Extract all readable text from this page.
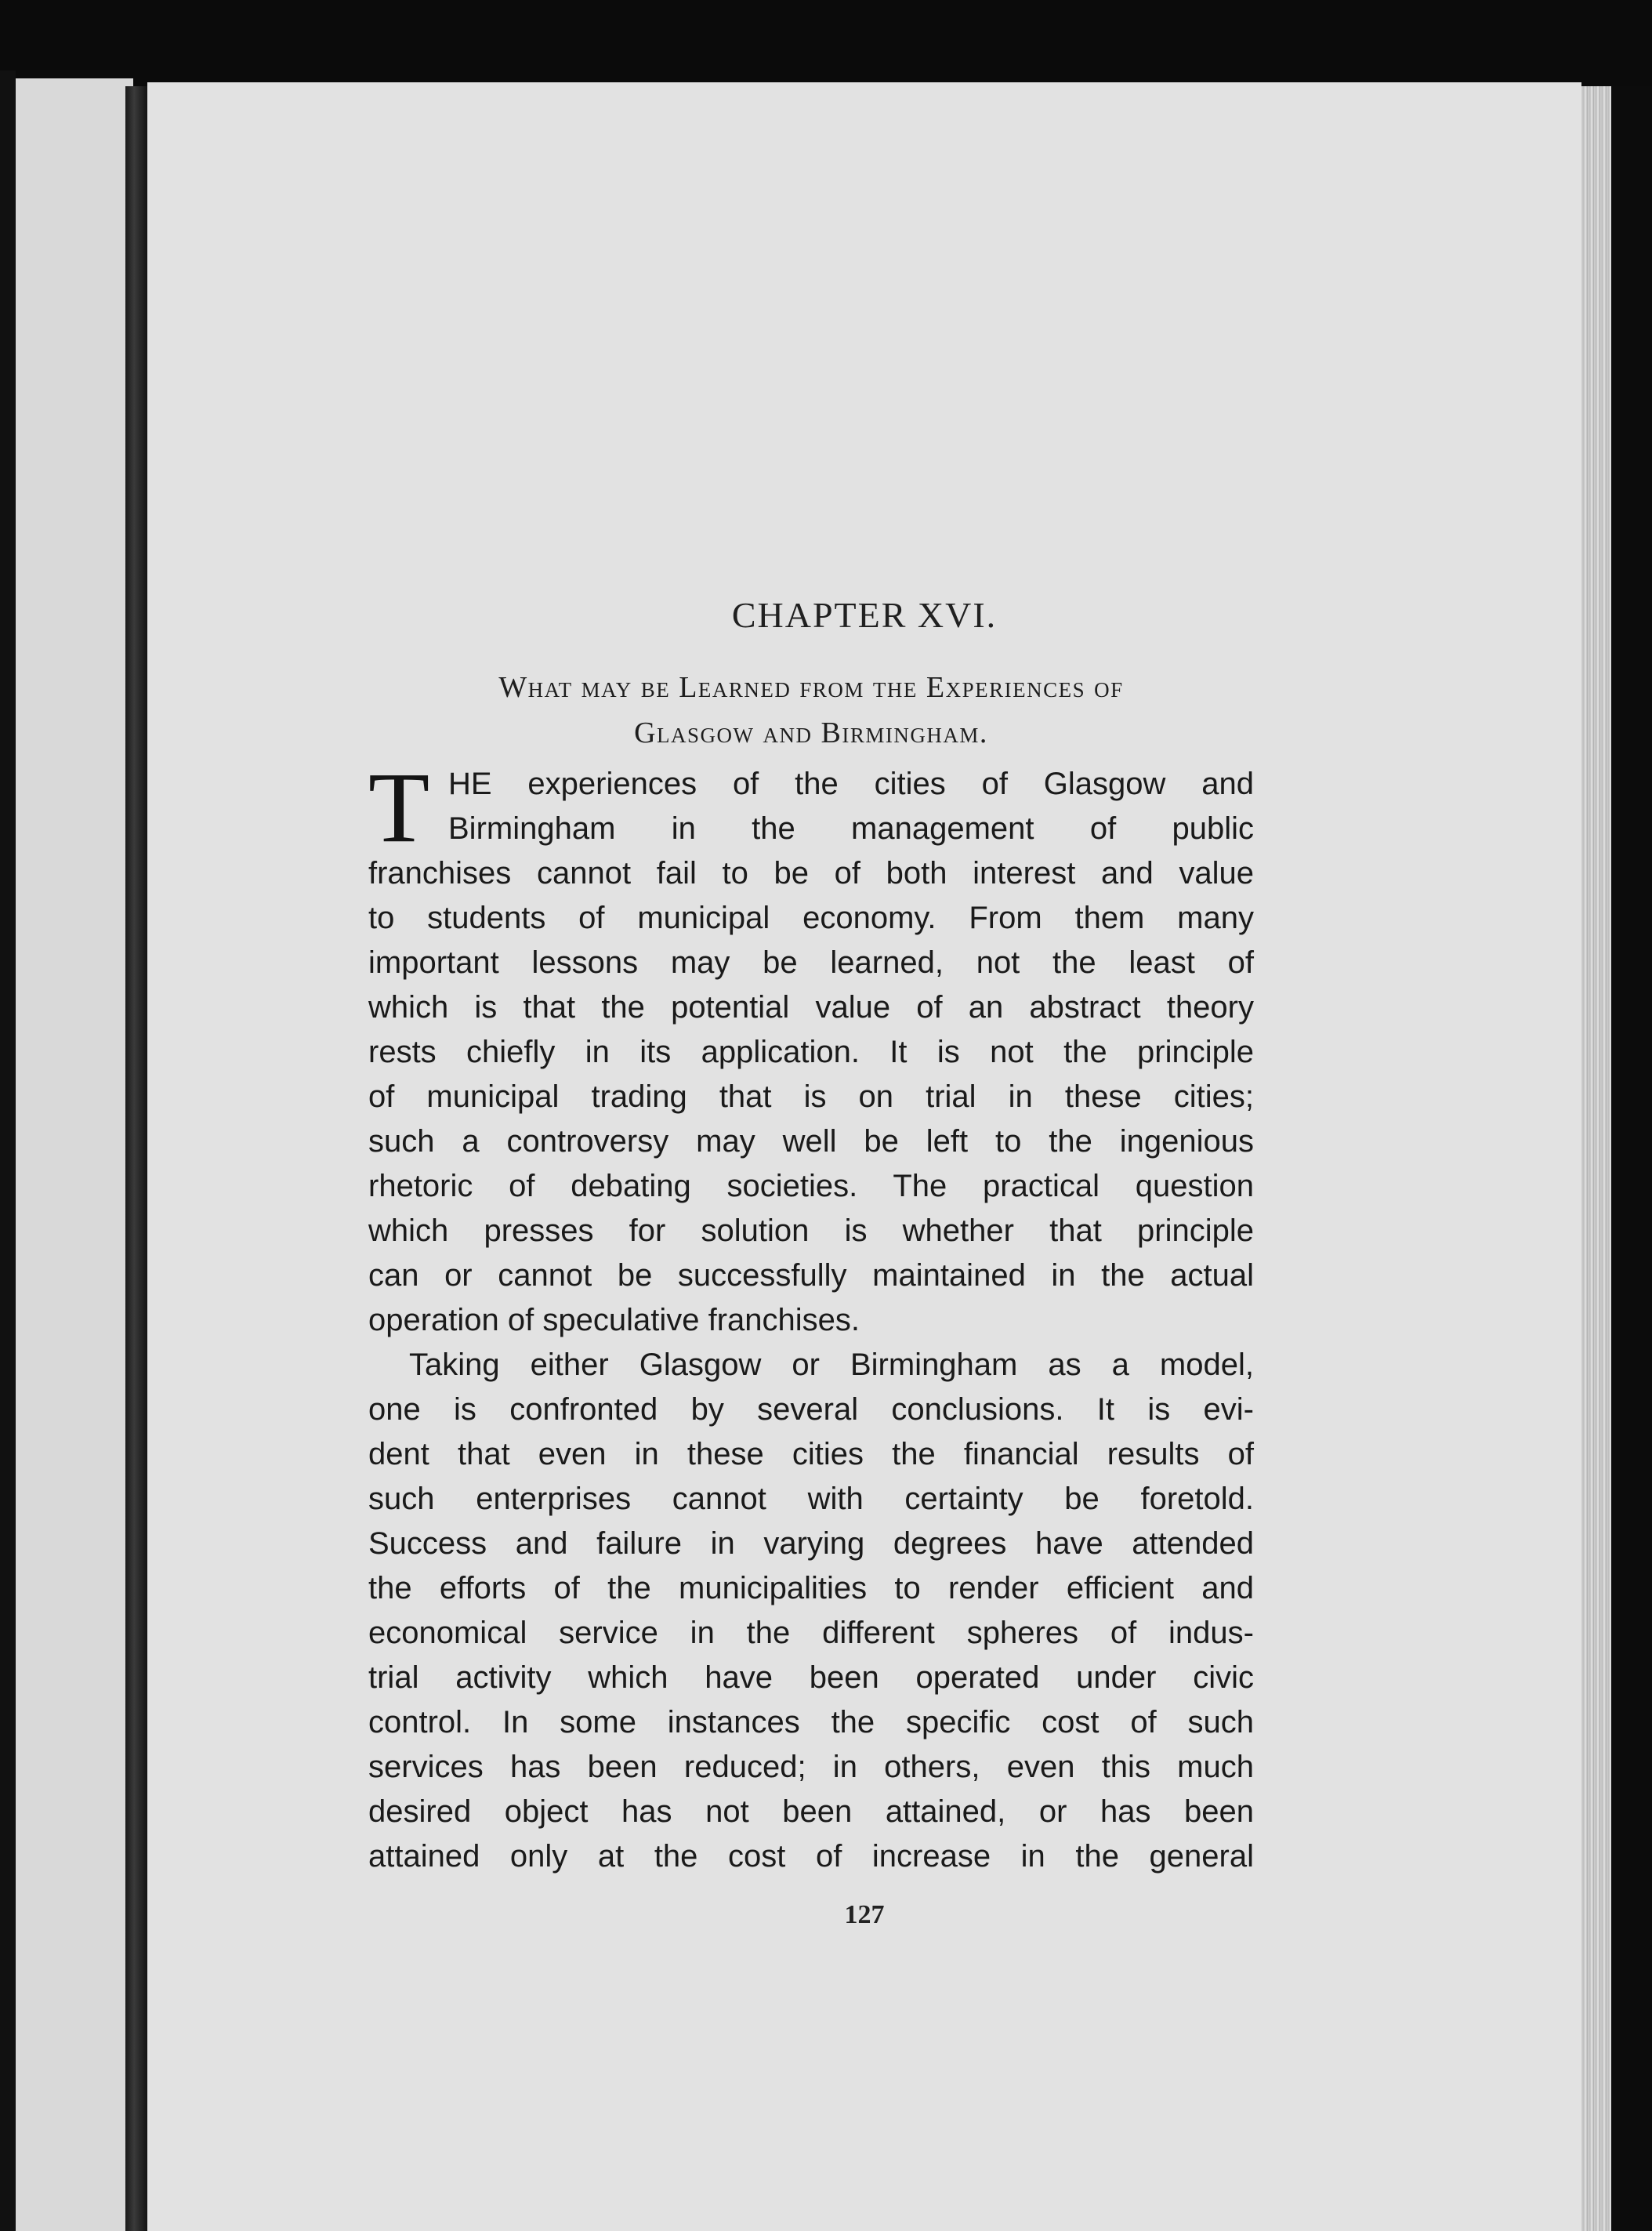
CHAPTER XVI.
What may be Learned from the Experiences of
Glasgow and Birmingham.
T HE experiences of the cities of Glasgow and
Birmingham in the management of public
franchises cannot fail to be of both interest and value
to students of municipal economy. From them many
important lessons may be learned, not the least of
which is that the potential value of an abstract theory
rests chiefly in its application. It is not the principle
of municipal trading that is on trial in these cities;
such a controversy may well be left to the ingenious
rhetoric of debating societies. The practical question
which presses for solution is whether that principle
can or cannot be successfully maintained in the actual
operation of speculative franchises.
Taking either Glasgow or Birmingham as a model,
one is confronted by several conclusions. It is evi-
dent that even in these cities the financial results of
such enterprises cannot with certainty be foretold.
Success and failure in varying degrees have attended
the efforts of the municipalities to render efficient and
economical service in the different spheres of indus-
trial activity which have been operated under civic
control. In some instances the specific cost of such
services has been reduced; in others, even this much
desired object has not been attained, or has been
attained only at the cost of increase in the general
127
